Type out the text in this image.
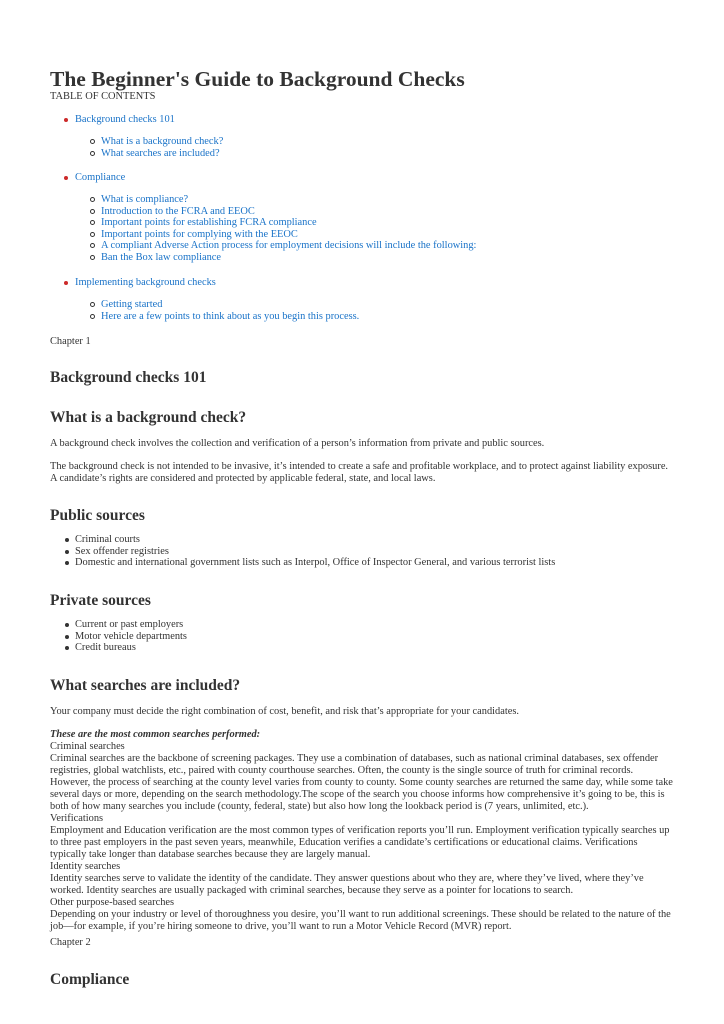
The Beginner's Guide to Background Checks
TABLE OF CONTENTS
Background checks 101
What is a background check?
What searches are included?
Compliance
What is compliance?
Introduction to the FCRA and EEOC
Important points for establishing FCRA compliance
Important points for complying with the EEOC
A compliant Adverse Action process for employment decisions will include the following:
Ban the Box law compliance
Implementing background checks
Getting started
Here are a few points to think about as you begin this process.
Chapter 1
Background checks 101
What is a background check?

A background check involves the collection and verification of a person’s information from private and public sources.

The background check is not intended to be invasive, it’s intended to create a safe and profitable workplace, and to protect against liability exposure. A candidate’s rights are considered and protected by applicable federal, state, and local laws.

Public sources
Criminal courts
Sex offender registries
Domestic and international government lists such as Interpol, Office of Inspector General, and various terrorist lists
Private sources
Current or past employers
Motor vehicle departments
Credit bureaus
What searches are included?

Your company must decide the right combination of cost, benefit, and risk that’s appropriate for your candidates.

These are the most common searches performed:
Criminal searches
Criminal searches are the backbone of screening packages. They use a combination of databases, such as national criminal databases, sex offender registries, global watchlists, etc., paired with county courthouse searches. Often, the county is the single source of truth for criminal records. However, the process of searching at the county level varies from county to county. Some county searches are returned the same day, while some take several days or more, depending on the search methodology.The scope of the search you choose informs how comprehensive it’s going to be, this is both of how many searches you include (county, federal, state) but also how long the lookback period is (7 years, unlimited, etc.).
Verifications
Employment and Education verification are the most common types of verification reports you’ll run. Employment verification typically searches up to three past employers in the past seven years, meanwhile, Education verifies a candidate’s certifications or educational claims. Verifications typically take longer than database searches because they are largely manual.
Identity searches
Identity searches serve to validate the identity of the candidate. They answer questions about who they are, where they’ve lived, where they’ve worked. Identity searches are usually packaged with criminal searches, because they serve as a pointer for locations to search.
Other purpose-based searches
Depending on your industry or level of thoroughness you desire, you’ll want to run additional screenings. These should be related to the nature of the job—for example, if you’re hiring someone to drive, you’ll want to run a Motor Vehicle Record (MVR) report.
Chapter 2
Compliance
